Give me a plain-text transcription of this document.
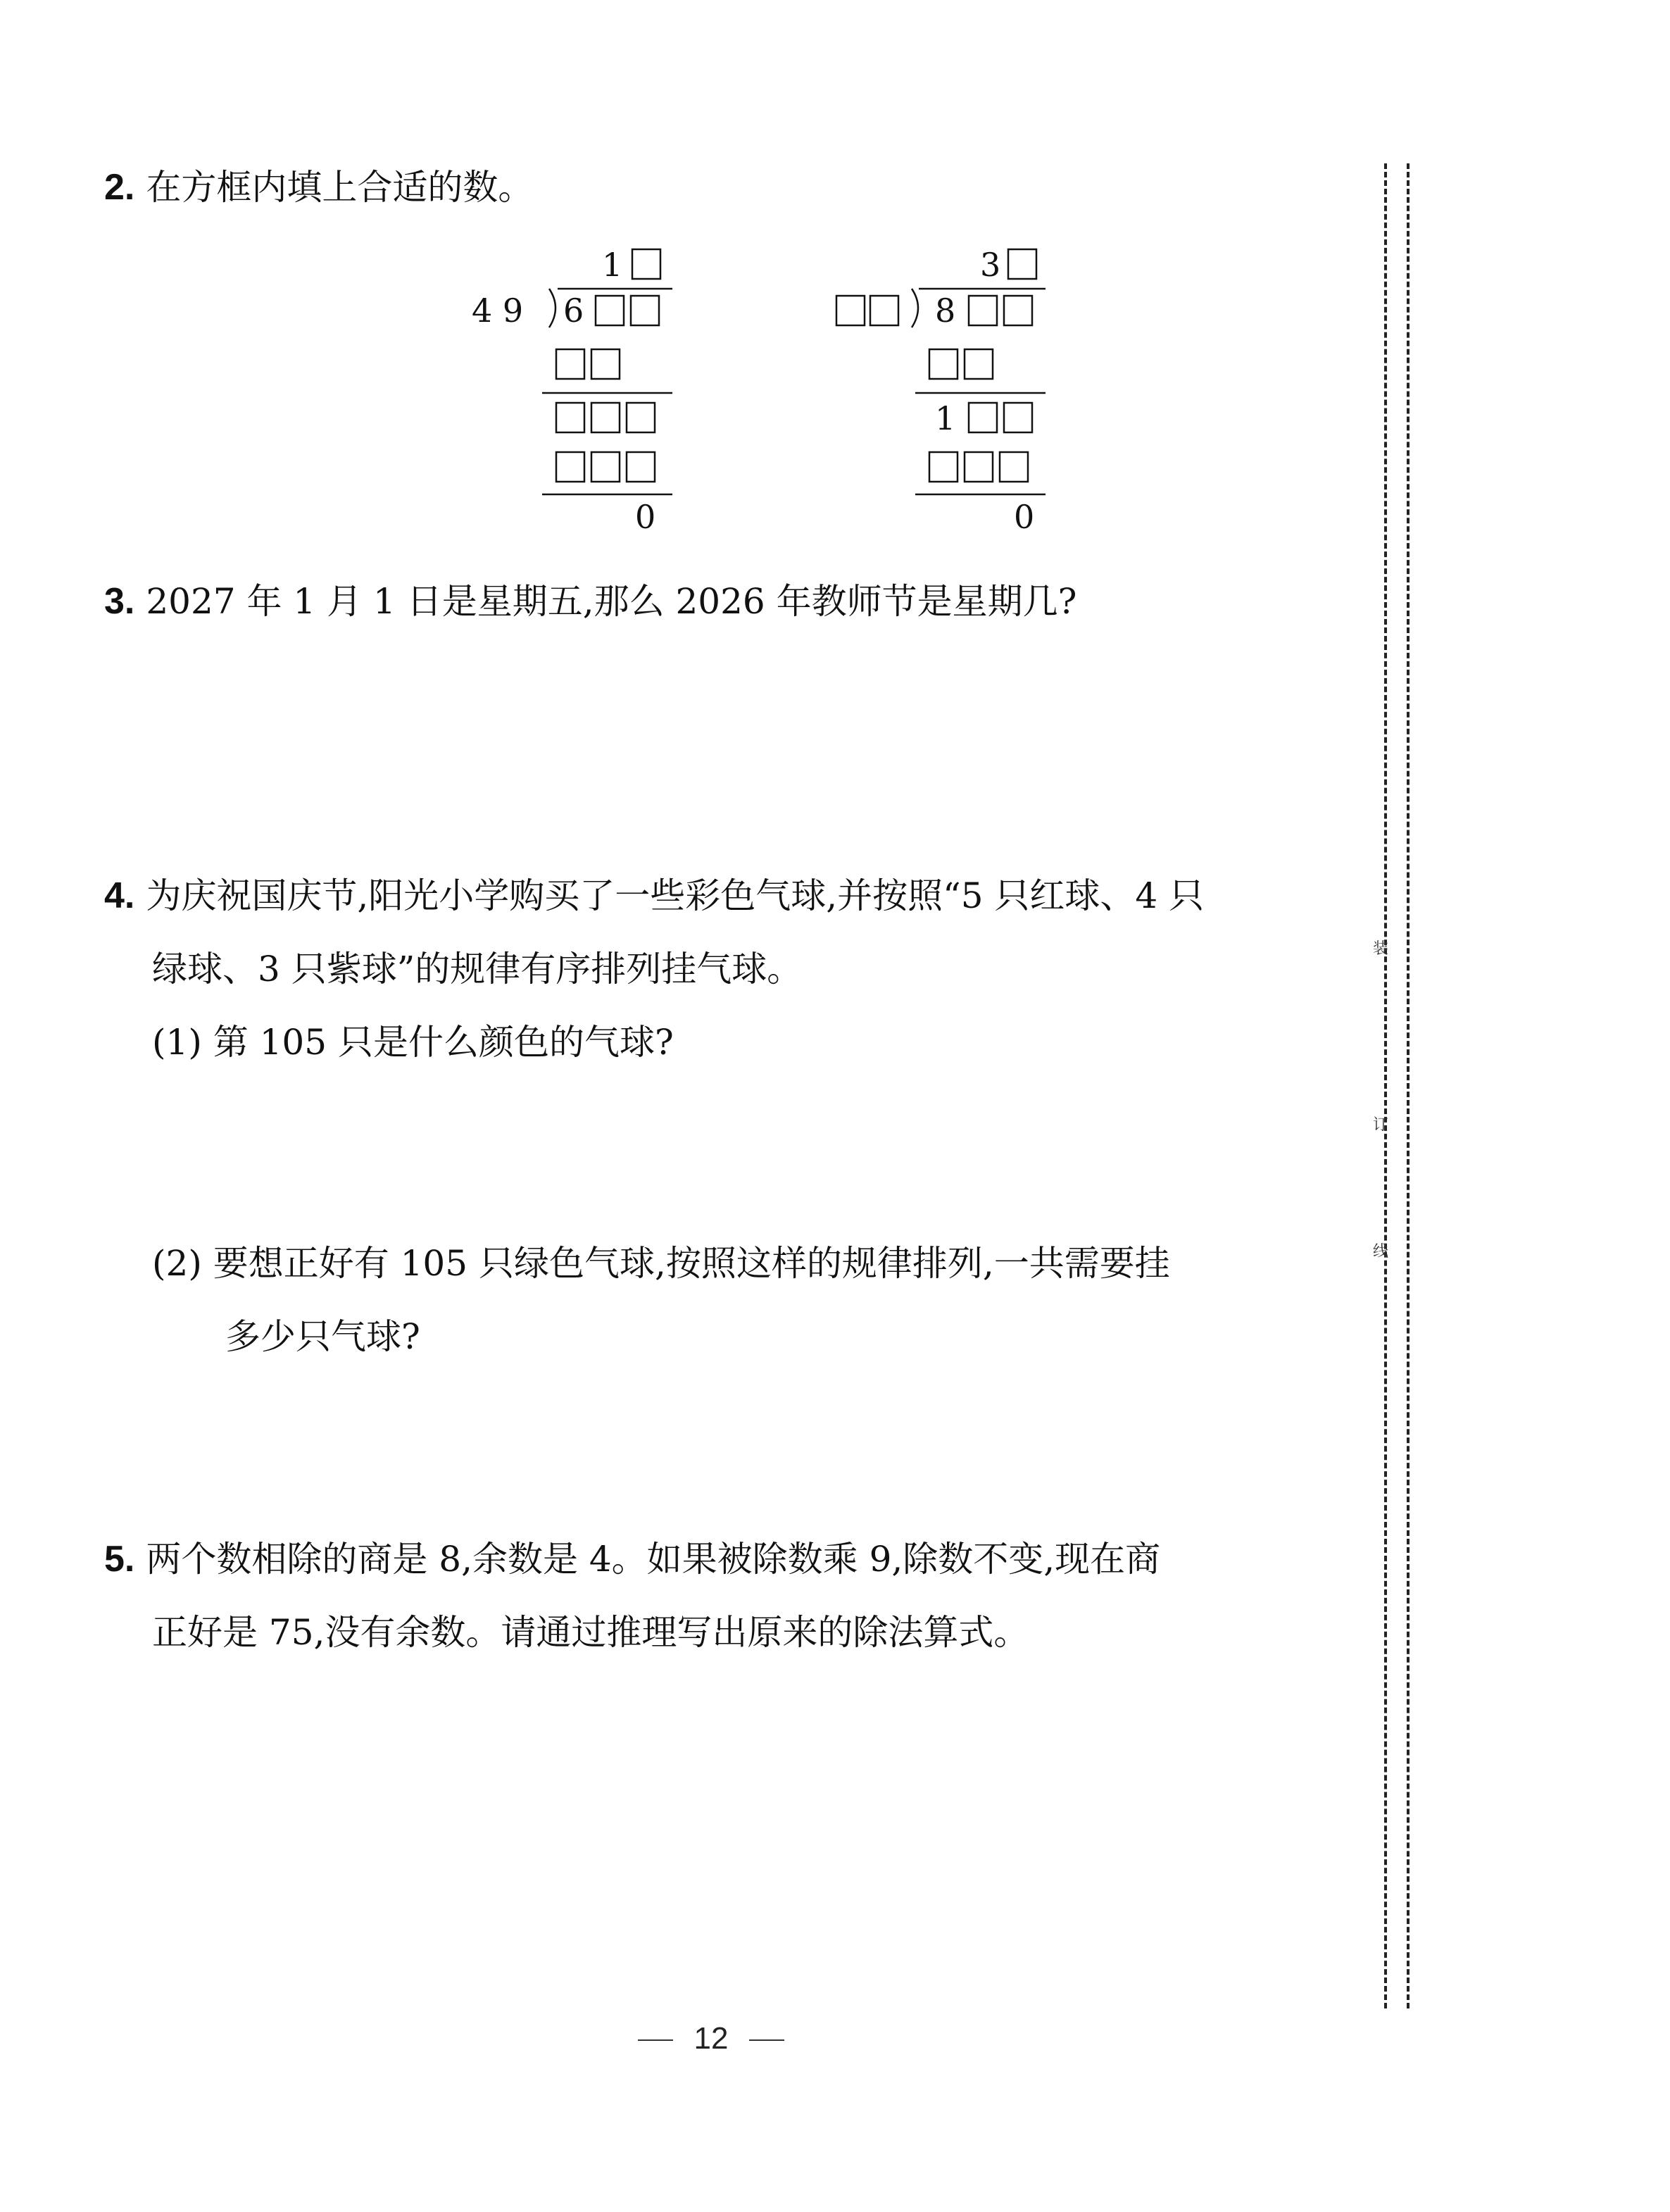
2. 在方框内填上合适的数。
1
4 9 6
0
3
8
1
0
3. 2027 年 1 月 1 日是星期五,那么 2026 年教师节是星期几?
4. 为庆祝国庆节,阳光小学购买了一些彩色气球,并按照“5 只红球、4 只
绿球、3 只紫球”的规律有序排列挂气球。
(1) 第 105 只是什么颜色的气球?
(2) 要想正好有 105 只绿色气球,按照这样的规律排列,一共需要挂
多少只气球?
5. 两个数相除的商是 8,余数是 4。如果被除数乘 9,除数不变,现在商
正好是 75,没有余数。请通过推理写出原来的除法算式。
装
订
线
12
